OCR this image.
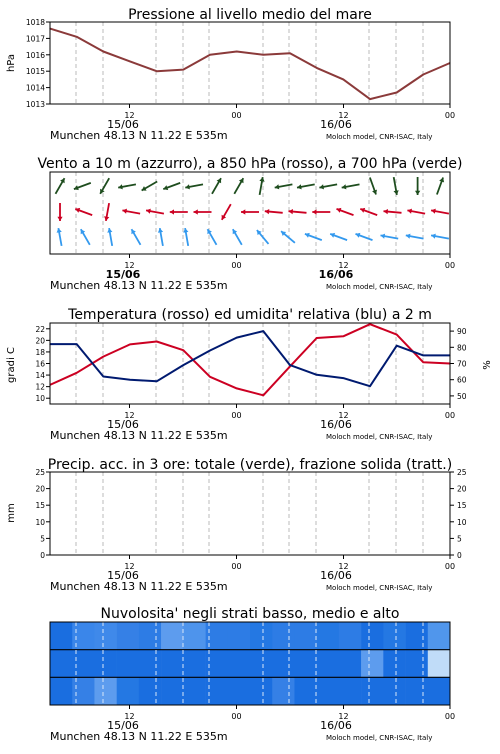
Pressione al livello medio del mare
1013
1014
1015
1016
1017
1018
hPa
12	00	12	00
15/06	16/06
Munchen 48.13 N 11.22 E 535m	Moloch model, CNR-ISAC, Italy
Vento a 10 m (azzurro), a 850 hPa (rosso), a 700 hPa (verde)
12	00	12	00
15/06	16/06
Munchen 48.13 N 11.22 E 535m	Moloch model, CNR-ISAC, Italy
Temperatura (rosso) ed umidita' relativa (blu) a 2 m
10
12
14
16
18
20
22
50
60
70
80
90
gradi C	%
12	00	12	00
15/06	16/06
Munchen 48.13 N 11.22 E 535m	Moloch model, CNR-ISAC, Italy
Precip. acc. in 3 ore: totale (verde), frazione solida (tratt.)
0	0
5	5
10	10
15	15
20	20
25	25
mm
12	00	12	00
15/06	16/06
Munchen 48.13 N 11.22 E 535m	Moloch model, CNR-ISAC, Italy
Nuvolosita' negli strati basso, medio e alto
12	00	12	00
15/06	16/06
Munchen 48.13 N 11.22 E 535m	Moloch model, CNR-ISAC, Italy
